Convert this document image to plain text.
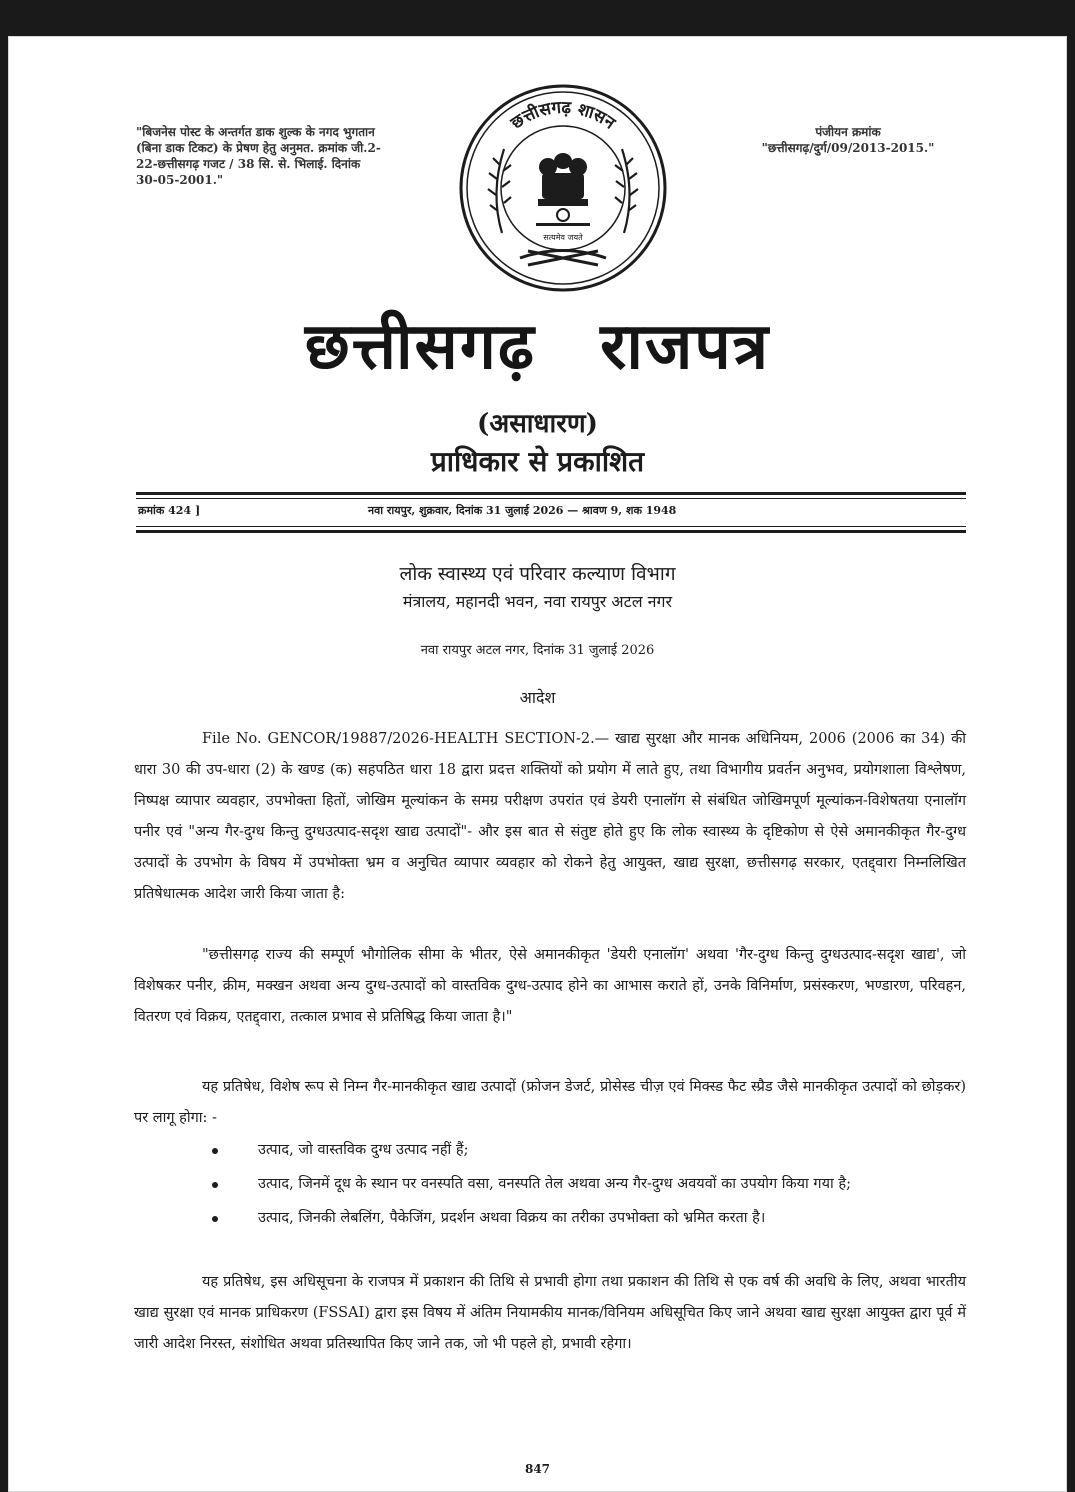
"बिजनेस पोस्ट के अन्तर्गत डाक शुल्क के नगद भुगतान (बिना डाक टिकट) के प्रेषण हेतु अनुमत. क्रमांक जी.2-22-छत्तीसगढ़ गजट / 38 सि. से. भिलाई. दिनांक 30-05-2001."
छत्तीसगढ़ शासन
सत्यमेव जयते
पंजीयन क्रमांक
"छत्तीसगढ़/दुर्ग/09/2013-2015."
छत्तीसगढ़ राजपत्र
(असाधारण)
प्राधिकार से प्रकाशित
क्रमांक 424 ]	नवा रायपुर, शुक्रवार, दिनांक 31 जुलाई 2026 — श्रावण 9, शक 1948
लोक स्वास्थ्य एवं परिवार कल्याण विभाग
मंत्रालय, महानदी भवन, नवा रायपुर अटल नगर
नवा रायपुर अटल नगर, दिनांक 31 जुलाई 2026
आदेश
File No. GENCOR/19887/2026-HEALTH SECTION-2.— खाद्य सुरक्षा और मानक अधिनियम, 2006 (2006 का 34) की धारा 30 की उप-धारा (2) के खण्ड (क) सहपठित धारा 18 द्वारा प्रदत्त शक्तियों को प्रयोग में लाते हुए, तथा विभागीय प्रवर्तन अनुभव, प्रयोगशाला विश्लेषण, निष्पक्ष व्यापार व्यवहार, उपभोक्ता हितों, जोखिम मूल्यांकन के समग्र परीक्षण उपरांत एवं डेयरी एनालॉग से संबंधित जोखिमपूर्ण मूल्यांकन-विशेषतया एनालॉग पनीर एवं "अन्य गैर-दुग्ध किन्तु दुग्धउत्पाद-सदृश खाद्य उत्पादों"- और इस बात से संतुष्ट होते हुए कि लोक स्वास्थ्य के दृष्टिकोण से ऐसे अमानकीकृत गैर-दुग्ध उत्पादों के उपभोग के विषय में उपभोक्ता भ्रम व अनुचित व्यापार व्यवहार को रोकने हेतु आयुक्त, खाद्य सुरक्षा, छत्तीसगढ़ सरकार, एतद्द्वारा निम्नलिखित प्रतिषेधात्मक आदेश जारी किया जाता है:
"छत्तीसगढ़ राज्य की सम्पूर्ण भौगोलिक सीमा के भीतर, ऐसे अमानकीकृत 'डेयरी एनालॉग' अथवा 'गैर-दुग्ध किन्तु दुग्धउत्पाद-सदृश खाद्य', जो विशेषकर पनीर, क्रीम, मक्खन अथवा अन्य दुग्ध-उत्पादों को वास्तविक दुग्ध-उत्पाद होने का आभास कराते हों, उनके विनिर्माण, प्रसंस्करण, भण्डारण, परिवहन, वितरण एवं विक्रय, एतद्द्वारा, तत्काल प्रभाव से प्रतिषिद्ध किया जाता है।"
यह प्रतिषेध, विशेष रूप से निम्न गैर-मानकीकृत खाद्य उत्पादों (फ्रोजन डेजर्ट, प्रोसेस्ड चीज़ एवं मिक्स्ड फैट स्प्रैड जैसे मानकीकृत उत्पादों को छोड़कर) पर लागू होगा: -
उत्पाद, जो वास्तविक दुग्ध उत्पाद नहीं हैं;
उत्पाद, जिनमें दूध के स्थान पर वनस्पति वसा, वनस्पति तेल अथवा अन्य गैर-दुग्ध अवयवों का उपयोग किया गया है;
उत्पाद, जिनकी लेबलिंग, पैकेजिंग, प्रदर्शन अथवा विक्रय का तरीका उपभोक्ता को भ्रमित करता है।
यह प्रतिषेध, इस अधिसूचना के राजपत्र में प्रकाशन की तिथि से प्रभावी होगा तथा प्रकाशन की तिथि से एक वर्ष की अवधि के लिए, अथवा भारतीय खाद्य सुरक्षा एवं मानक प्राधिकरण (FSSAI) द्वारा इस विषय में अंतिम नियामकीय मानक/विनियम अधिसूचित किए जाने अथवा खाद्य सुरक्षा आयुक्त द्वारा पूर्व में जारी आदेश निरस्त, संशोधित अथवा प्रतिस्थापित किए जाने तक, जो भी पहले हो, प्रभावी रहेगा।
847
